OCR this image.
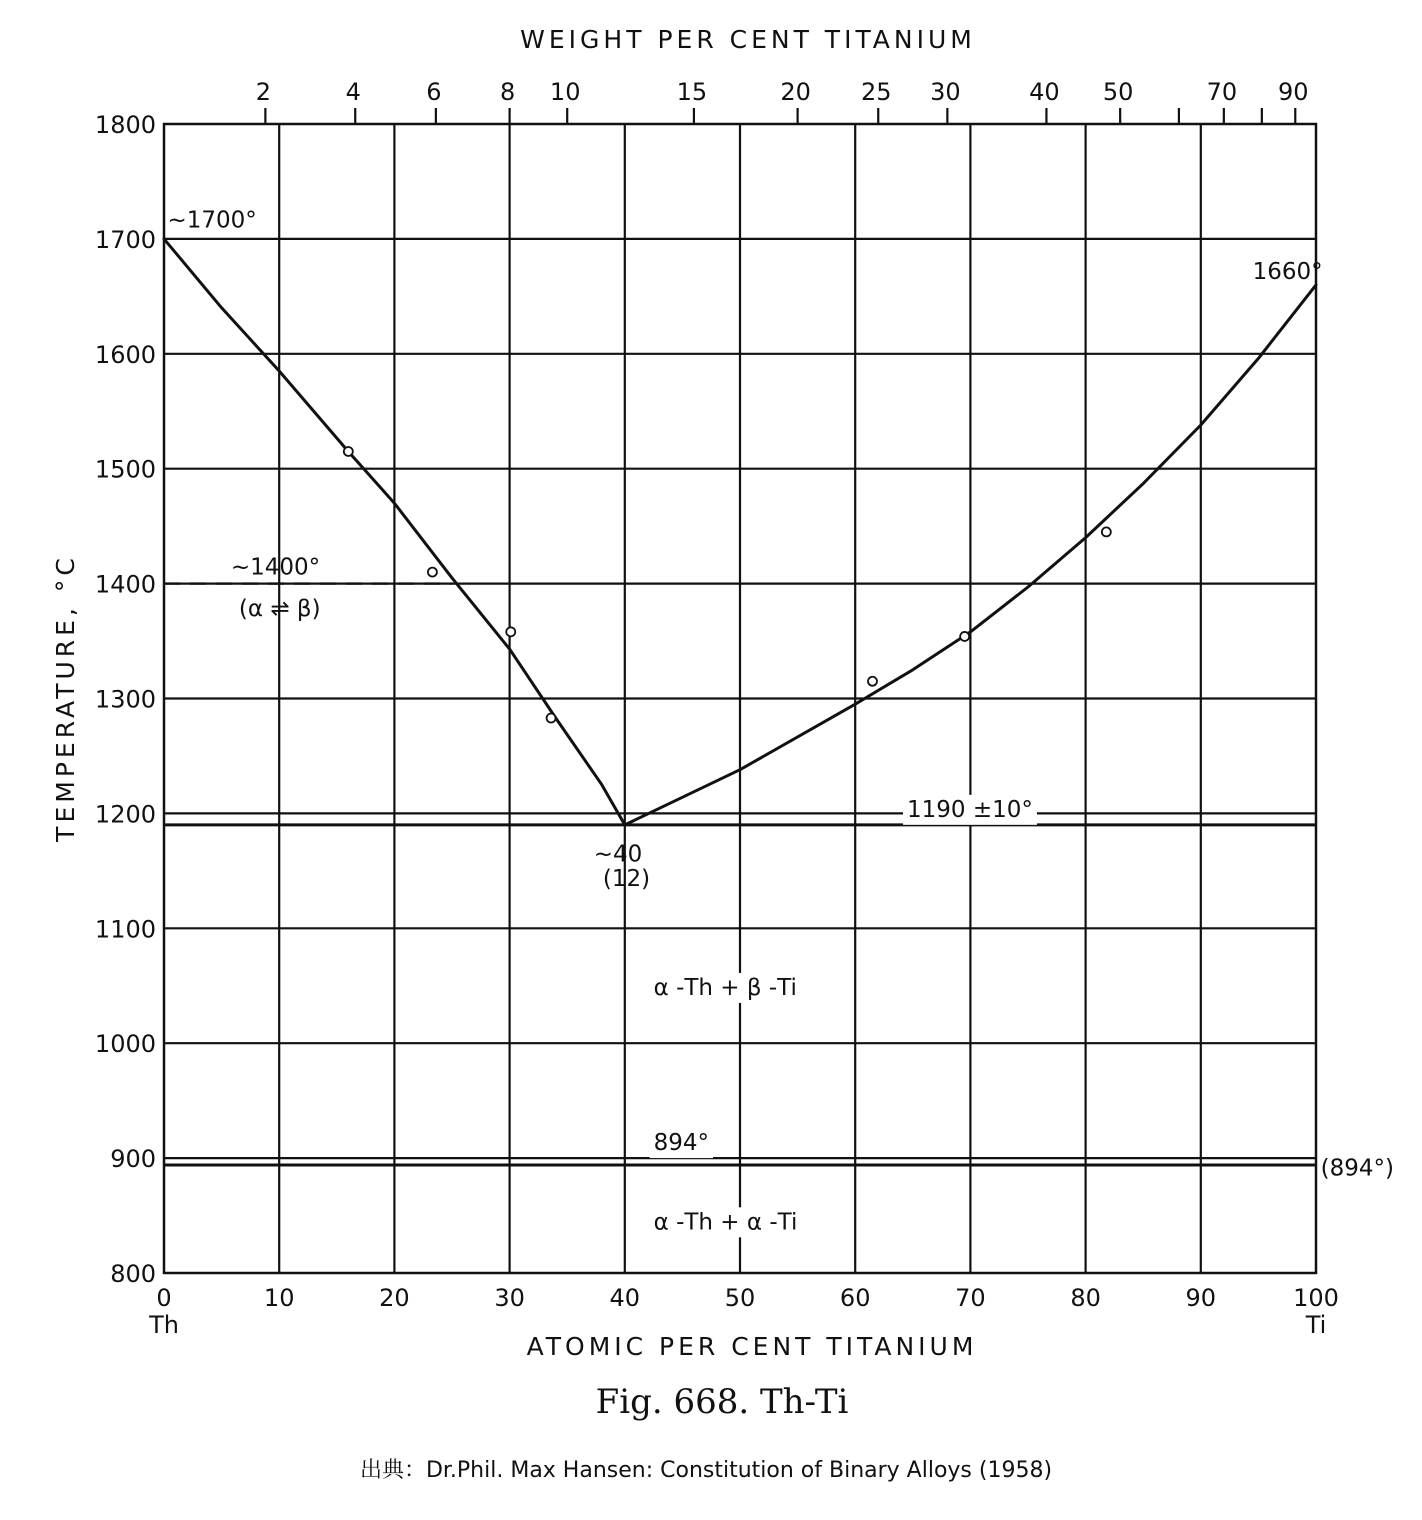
2	4	6 8 10	15	20 25 30	40 50	70 90
0	10	20	30	40	50	60	70	80	90	100
Th	Ti
800
900
1000
1100
1200
1300
1400
1500
1600
1700
1800
~1700°
1660°
~1400°
(α ⇌ β)
~40
(12)
1190 ±10°
α -Th + β -Ti
894°
(894°)
α -Th + α -Ti
WEIGHT PER CENT TITANIUM
ATOMIC PER CENT TITANIUM
TEMPERATURE, °C
Fig. 668. Th-Ti
出典：Dr.Phil. Max Hansen: Constitution of Binary Alloys (1958)
